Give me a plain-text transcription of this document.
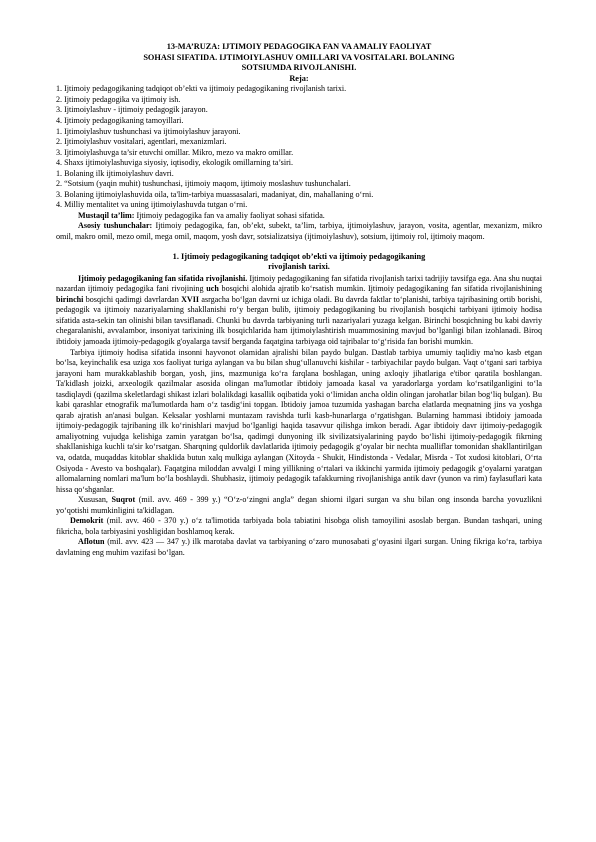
13-MA’RUZA: IJTIMOIY PEDAGOGIKA FAN VA AMALIY FAOLIYAT
SOHASI SIFATIDA. IJTIMOIYLASHUV OMILLARI VA VOSITALARI. BOLANING
SOTSIUMDA RIVOJLANISHI.
Reja:
1. Ijtimoiy pedagogikaning tadqiqot ob’ekti va ijtimoiy pedagogikaning rivojlanish tarixi.
2. Ijtimoiy pedagogika va ijtimoiy ish.
3. Ijtimoiylashuv - ijtimoiy pedagogik jarayon.
4. Ijtimoiy pedagogikaning tamoyillari.
1. Ijtimoiylashuv tushunchasi va ijtimoiylashuv jarayoni.
2. Ijtimoiylashuv vositalari, agentlari, mexanizmlari.
3. Ijtimoiylashuvga ta’sir etuvchi omillar. Mikro, mezo va makro omillar.
4. Shaxs ijtimoiylashuviga siyosiy, iqtisodiy, ekologik omillarning ta’siri.
1. Bolaning ilk ijtimoiylashuv davri.
2. “Sotsium (yaqin muhit) tushunchasi, ijtimoiy maqom, ijtimoiy moslashuv tushunchalari.
3. Bolaning ijtimoiylashuvida oila, ta'lim-tarbiya muassasalari, madaniyat, din, mahallaning o‘rni.
4. Milliy mentalitet va uning ijtimoiylashuvda tutgan o‘rni.

Mustaqil ta’lim: Ijtimoiy pedagogika fan va amaliy faoliyat sohasi sifatida.

Asosiy tushunchalar: Ijtimoiy pedagogika, fan, ob’ekt, subekt, ta’lim, tarbiya, ijtimoiylashuv, jarayon, vosita, agentlar, mexanizm, mikro omil, makro omil, mezo omil, mega omil, maqom, yosh davr, sotsializatsiya (ijtimoiylashuv), sotsium, ijtimoiy rol, ijtimoiy maqom.

1. Ijtimoiy pedagogikaning tadqiqot ob’ekti va ijtimoiy pedagogikaning
rivojlanish tarixi.

Ijtimoiy pedagogikaning fan sifatida rivojlanishi. Ijtimoiy pedagogikaning fan sifatida rivojlanish tarixi tadrijiy tavsifga ega. Ana shu nuqtai nazardan ijtimoiy pedagogika fani rivojining uch bosqichi alohida ajratib ko‘rsatish mumkin. Ijtimoiy pedagogikaning fan sifatida rivojlanishining birinchi bosqichi qadimgi davrlardan XVII asrgacha bo‘lgan davrni uz ichiga oladi. Bu davrda faktlar to‘planishi, tarbiya tajribasining ortib borishi, pedagogik va ijtimoiy nazariyalarning shakllanishi ro‘y bergan bulib, ijtimoiy pedagogikaning bu rivojlanish bosqichi tarbiyani ijtimoiy hodisa sifatida asta-sekin tan olinishi bilan tavsiflanadi. Chunki bu davrda tarbiyaning turli nazariyalari yuzaga kelgan. Birinchi bosqichning bu kabi davriy chegaralanishi, avvalambor, insoniyat tarixining ilk bosqichlarida ham ijtimoiylashtirish muammosining mavjud bo‘lganligi bilan izohlanadi. Biroq ibtidoiy jamoada ijtimoiy-pedagogik g'oyalarga tavsif berganda faqatgina tarbiyaga oid tajribalar to‘g‘risida fan borishi mumkin.

Tarbiya ijtimoiy hodisa sifatida insonni hayvonot olamidan ajralishi bilan paydo bulgan. Dastlab tarbiya umumiy taqlidiy ma'no kasb etgan bo‘lsa, keyinchalik esa uziga xos faoliyat turiga aylangan va bu bilan shug‘ullanuvchi kishilar - tarbiyachilar paydo bulgan. Vaqt o‘tgani sari tarbiya jarayoni ham murakkablashib borgan, yosh, jins, mazmuniga ko‘ra farqlana boshlagan, uning axloqiy jihatlariga e'tibor qaratila boshlangan. Ta'kidlash joizki, arxeologik qazilmalar asosida olingan ma'lumotlar ibtidoiy jamoada kasal va yaradorlarga yordam ko‘rsatilganligini to‘la tasdiqlaydi (qazilma skeletlardagi shikast izlari bolalikdagi kasallik oqibatida yoki o‘limidan ancha oldin olingan jarohatlar bilan bog‘liq bulgan). Bu kabi qarashlar etnografik ma'lumotlarda ham o‘z tasdig‘ini topgan. Ibtidoiy jamoa tuzumida yashagan barcha elatlarda meqnatning jins va yoshga qarab ajratish an'anasi bulgan. Keksalar yoshlarni muntazam ravishda turli kasb-hunarlarga o‘rgatishgan. Bularning hammasi ibtidoiy jamoada ijtimoiy-pedagogik tajribaning ilk ko‘rinishlari mavjud bo‘lganligi haqida tasavvur qilishga imkon beradi. Agar ibtidoiy davr ijtimoiy-pedagogik amaliyotning vujudga kelishiga zamin yaratgan bo‘lsa, qadimgi dunyoning ilk sivilizatsiyalarining paydo bo‘lishi ijtimoiy-pedagogik fikrning shakllanishiga kuchli ta'sir ko‘rsatgan. Sharqning quldorlik davlatlarida ijtimoiy pedagogik g‘oyalar bir nechta mualliflar tomonidan shakllantirilgan va, odatda, muqaddas kitoblar shaklida butun xalq mulkiga aylangan (Xitoyda - Shukit, Hindistonda - Vedalar, Misrda - Tot xudosi kitoblari, O‘rta Osiyoda - Avesto va boshqalar). Faqatgina miloddan avvalgi I ming yillikning o‘rtalari va ikkinchi yarmida ijtimoiy pedagogik g‘oyalarni yaratgan allomalarning nomlari ma'lum bo‘la boshlaydi. Shubhasiz, ijtimoiy pedagogik tafakkurning rivojlanishiga antik davr (yunon va rim) faylasuflari kata hissa qo‘shganlar.

Xususan, Suqrot (mil. avv. 469 - 399 y.) “O‘z-o‘zingni angla” degan shiorni ilgari surgan va shu bilan ong insonda barcha yovuzlikni yo‘qotishi mumkinligini ta'kidlagan.

Demokrit (mil. avv. 460 - 370 y.) o‘z ta'limotida tarbiyada bola tabiatini hisobga olish tamoyilini asoslab bergan. Bundan tashqari, uning fikricha, bola tarbiyasini yoshligidan boshlamoq kerak.

Aflotun (mil. avv. 423 — 347 y.) ilk marotaba davlat va tarbiyaning o‘zaro munosabati g‘oyasini ilgari surgan. Uning fikriga ko‘ra, tarbiya davlatning eng muhim vazifasi bo‘lgan.
